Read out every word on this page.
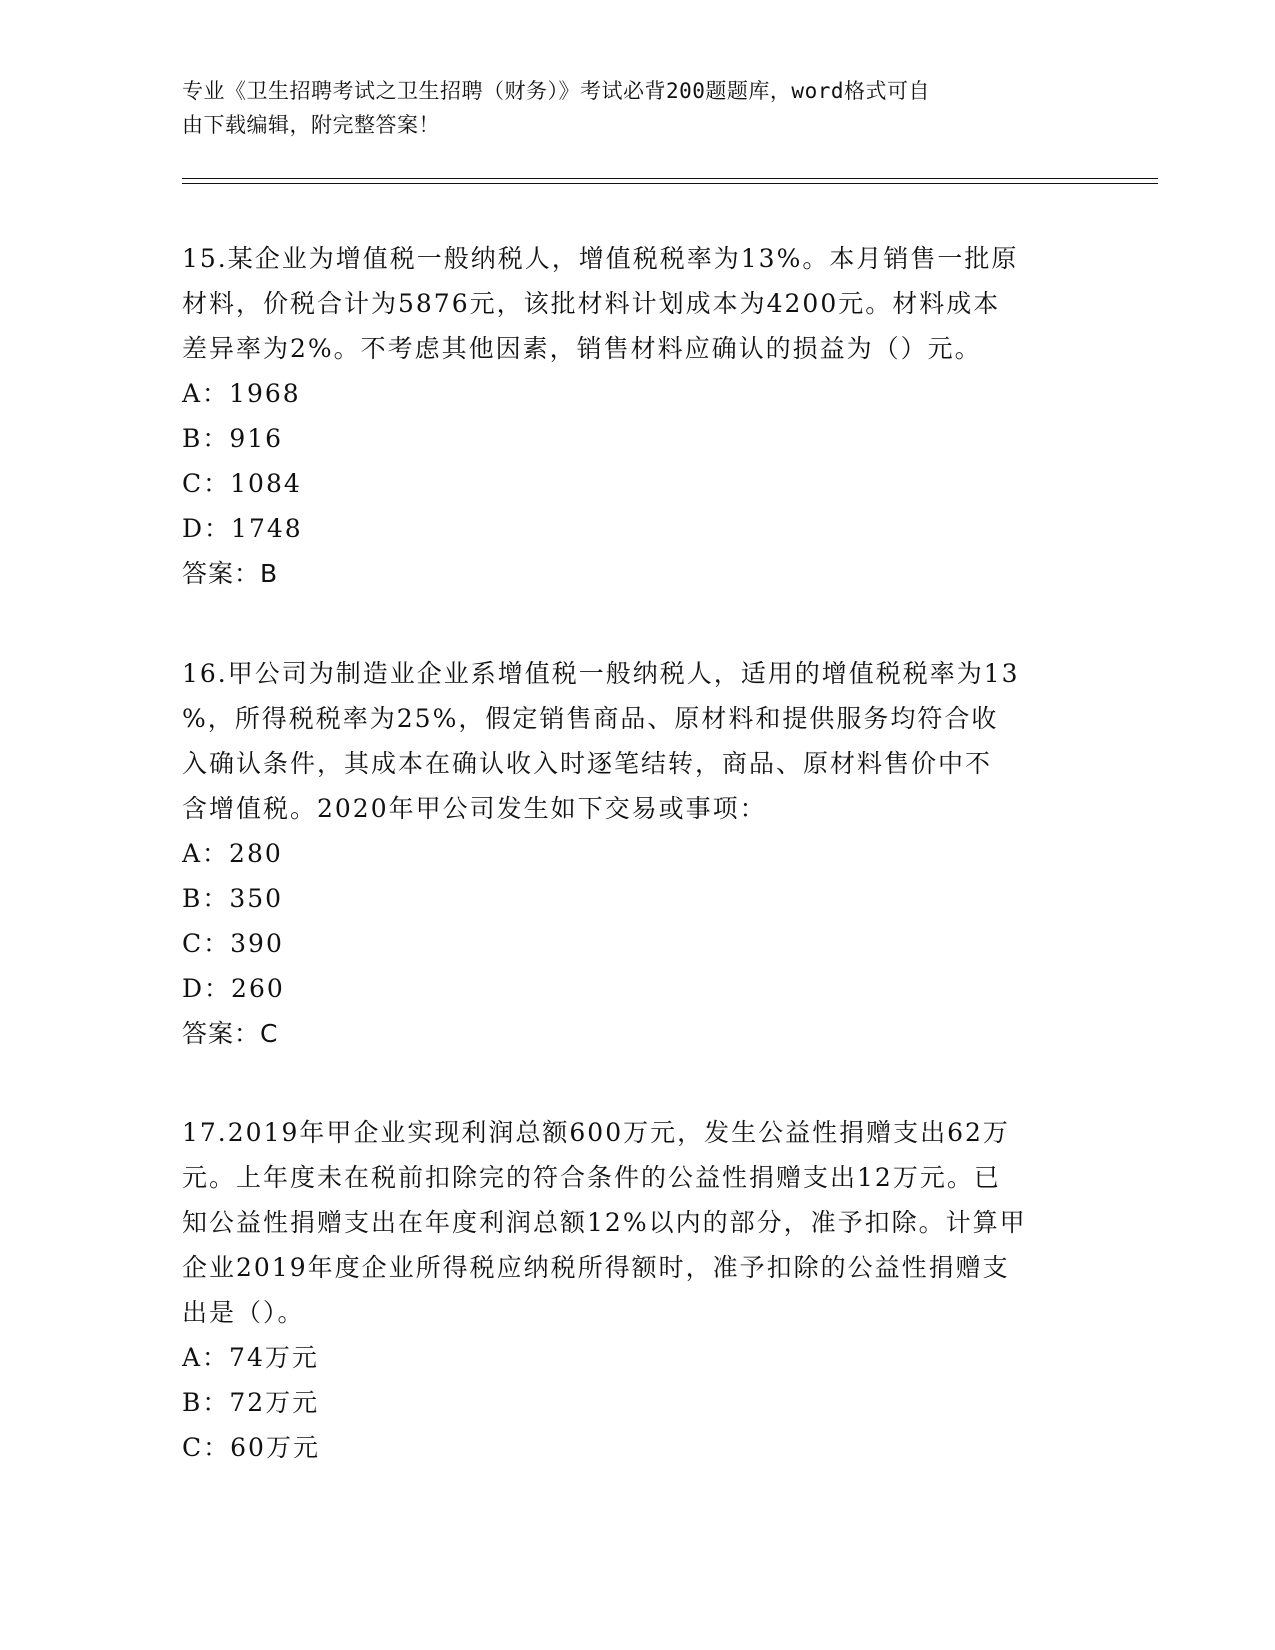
专业《卫生招聘考试之卫生招聘（财务）》考试必背200题题库，word格式可自
由下载编辑，附完整答案！

15.某企业为增值税一般纳税人，增值税税率为13%。本月销售一批原

材料，价税合计为5876元，该批材料计划成本为4200元。材料成本

差异率为2%。不考虑其他因素，销售材料应确认的损益为（）元。

A：1968

B：916

C：1084

D：1748

答案：B

16.甲公司为制造业企业系增值税一般纳税人，适用的增值税税率为13

%，所得税税率为25%，假定销售商品、原材料和提供服务均符合收

入确认条件，其成本在确认收入时逐笔结转，商品、原材料售价中不

含增值税。2020年甲公司发生如下交易或事项：

A：280

B：350

C：390

D：260

答案：C

17.2019年甲企业实现利润总额600万元，发生公益性捐赠支出62万

元。上年度未在税前扣除完的符合条件的公益性捐赠支出12万元。已

知公益性捐赠支出在年度利润总额12%以内的部分，准予扣除。计算甲

企业2019年度企业所得税应纳税所得额时，准予扣除的公益性捐赠支

出是（）。

A：74万元

B：72万元

C：60万元
